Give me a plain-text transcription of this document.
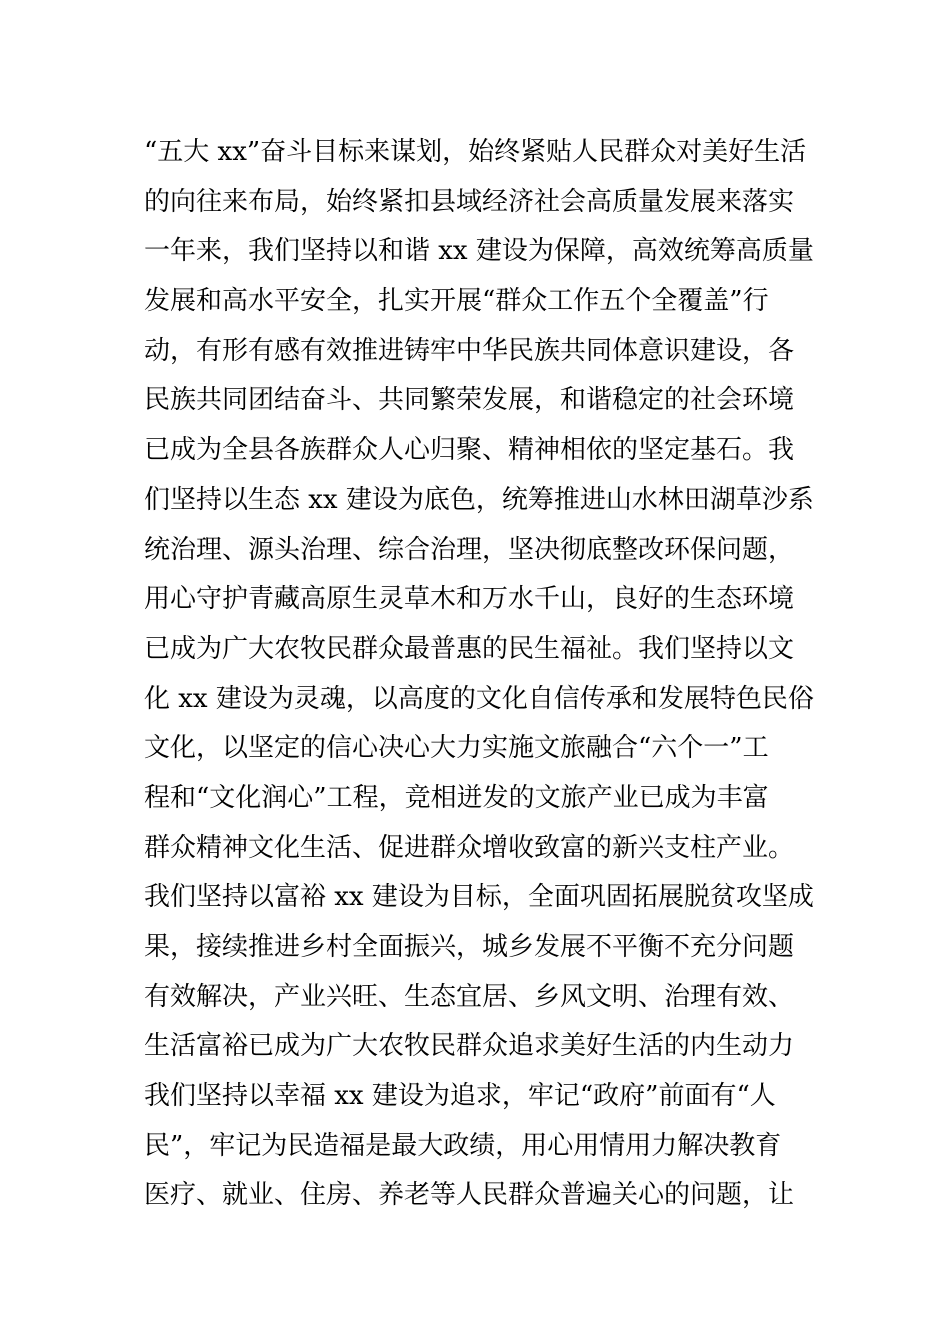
“五大 xx”奋斗目标来谋划，始终紧贴人民群众对美好生活
的向往来布局，始终紧扣县域经济社会高质量发展来落实
一年来，我们坚持以和谐 xx 建设为保障，高效统筹高质量
发展和高水平安全，扎实开展“群众工作五个全覆盖”行
动，有形有感有效推进铸牢中华民族共同体意识建设，各
民族共同团结奋斗、共同繁荣发展，和谐稳定的社会环境
已成为全县各族群众人心归聚、精神相依的坚定基石。我
们坚持以生态 xx 建设为底色，统筹推进山水林田湖草沙系
统治理、源头治理、综合治理，坚决彻底整改环保问题，
用心守护青藏高原生灵草木和万水千山，良好的生态环境
已成为广大农牧民群众最普惠的民生福祉。我们坚持以文
化 xx 建设为灵魂，以高度的文化自信传承和发展特色民俗
文化，以坚定的信心决心大力实施文旅融合“六个一”工
程和“文化润心”工程，竞相迸发的文旅产业已成为丰富
群众精神文化生活、促进群众增收致富的新兴支柱产业。
我们坚持以富裕 xx 建设为目标，全面巩固拓展脱贫攻坚成
果，接续推进乡村全面振兴，城乡发展不平衡不充分问题
有效解决，产业兴旺、生态宜居、乡风文明、治理有效、
生活富裕已成为广大农牧民群众追求美好生活的内生动力
我们坚持以幸福 xx 建设为追求，牢记“政府”前面有“人
民”，牢记为民造福是最大政绩，用心用情用力解决教育
医疗、就业、住房、养老等人民群众普遍关心的问题，让
